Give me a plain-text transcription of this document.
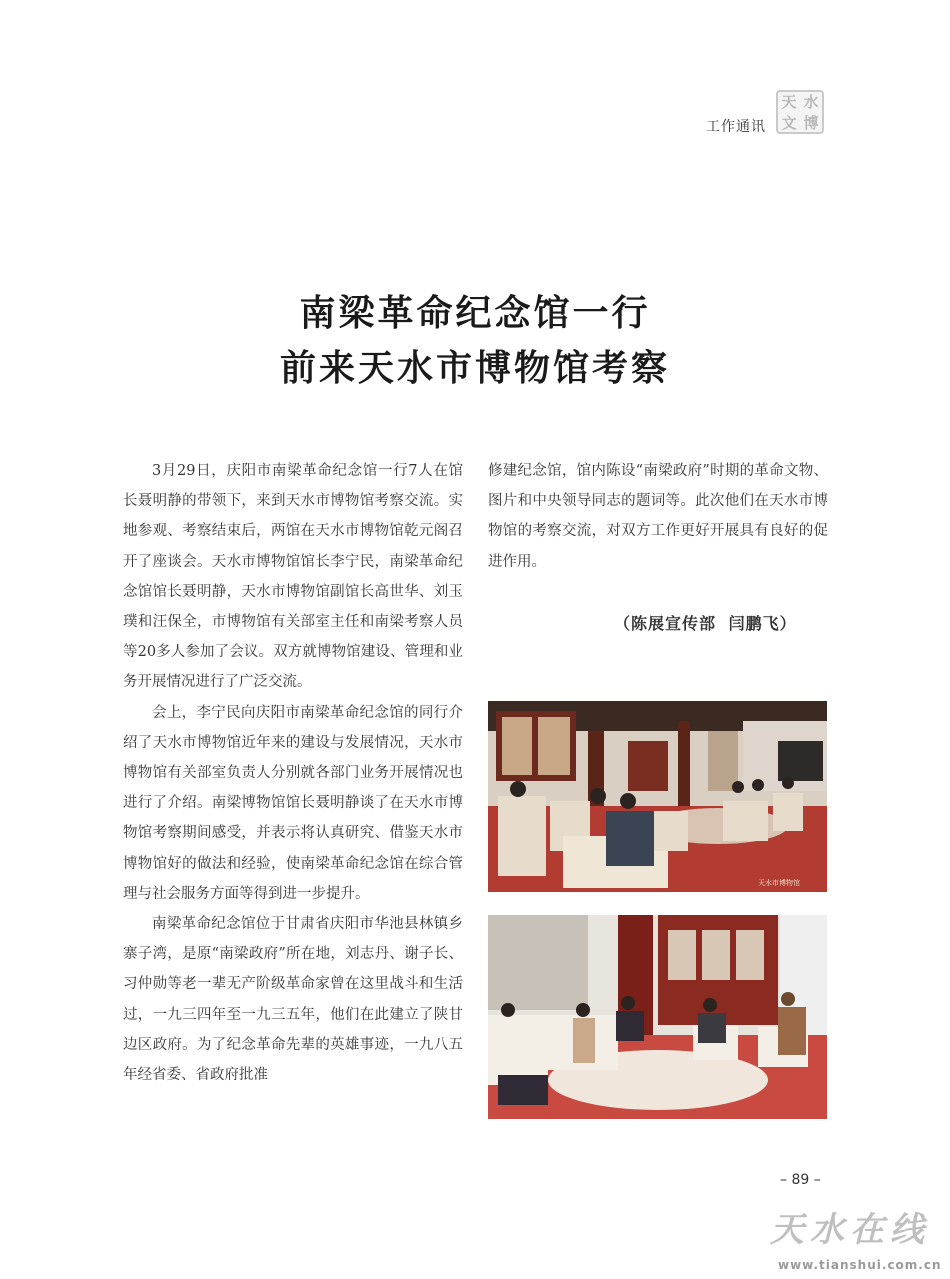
工作通讯
天 水
文 博
南梁革命纪念馆一行
前来天水市博物馆考察

3月29日，庆阳市南梁革命纪念馆一行7人在馆长聂明静的带领下，来到天水市博物馆考察交流。实地参观、考察结束后，两馆在天水市博物馆乾元阁召开了座谈会。天水市博物馆馆长李宁民，南梁革命纪念馆馆长聂明静，天水市博物馆副馆长高世华、刘玉璞和汪保全，市博物馆有关部室主任和南梁考察人员等20多人参加了会议。双方就博物馆建设、管理和业务开展情况进行了广泛交流。

会上，李宁民向庆阳市南梁革命纪念馆的同行介绍了天水市博物馆近年来的建设与发展情况，天水市博物馆有关部室负责人分别就各部门业务开展情况也进行了介绍。南梁博物馆馆长聂明静谈了在天水市博物馆考察期间感受，并表示将认真研究、借鉴天水市博物馆好的做法和经验，使南梁革命纪念馆在综合管理与社会服务方面等得到进一步提升。

南梁革命纪念馆位于甘肃省庆阳市华池县林镇乡寨子湾，是原“南梁政府”所在地，刘志丹、谢子长、习仲勋等老一辈无产阶级革命家曾在这里战斗和生活过，一九三四年至一九三五年，他们在此建立了陕甘边区政府。为了纪念革命先辈的英雄事迹，一九八五年经省委、省政府批准

修建纪念馆，馆内陈设“南梁政府”时期的革命文物、图片和中央领导同志的题词等。此次他们在天水市博物馆的考察交流，对双方工作更好开展具有良好的促进作用。

（陈展宣传部 闫鹏飞）
天水市博物馆
– 89 –
天水在线
www.tianshui.com.cn
